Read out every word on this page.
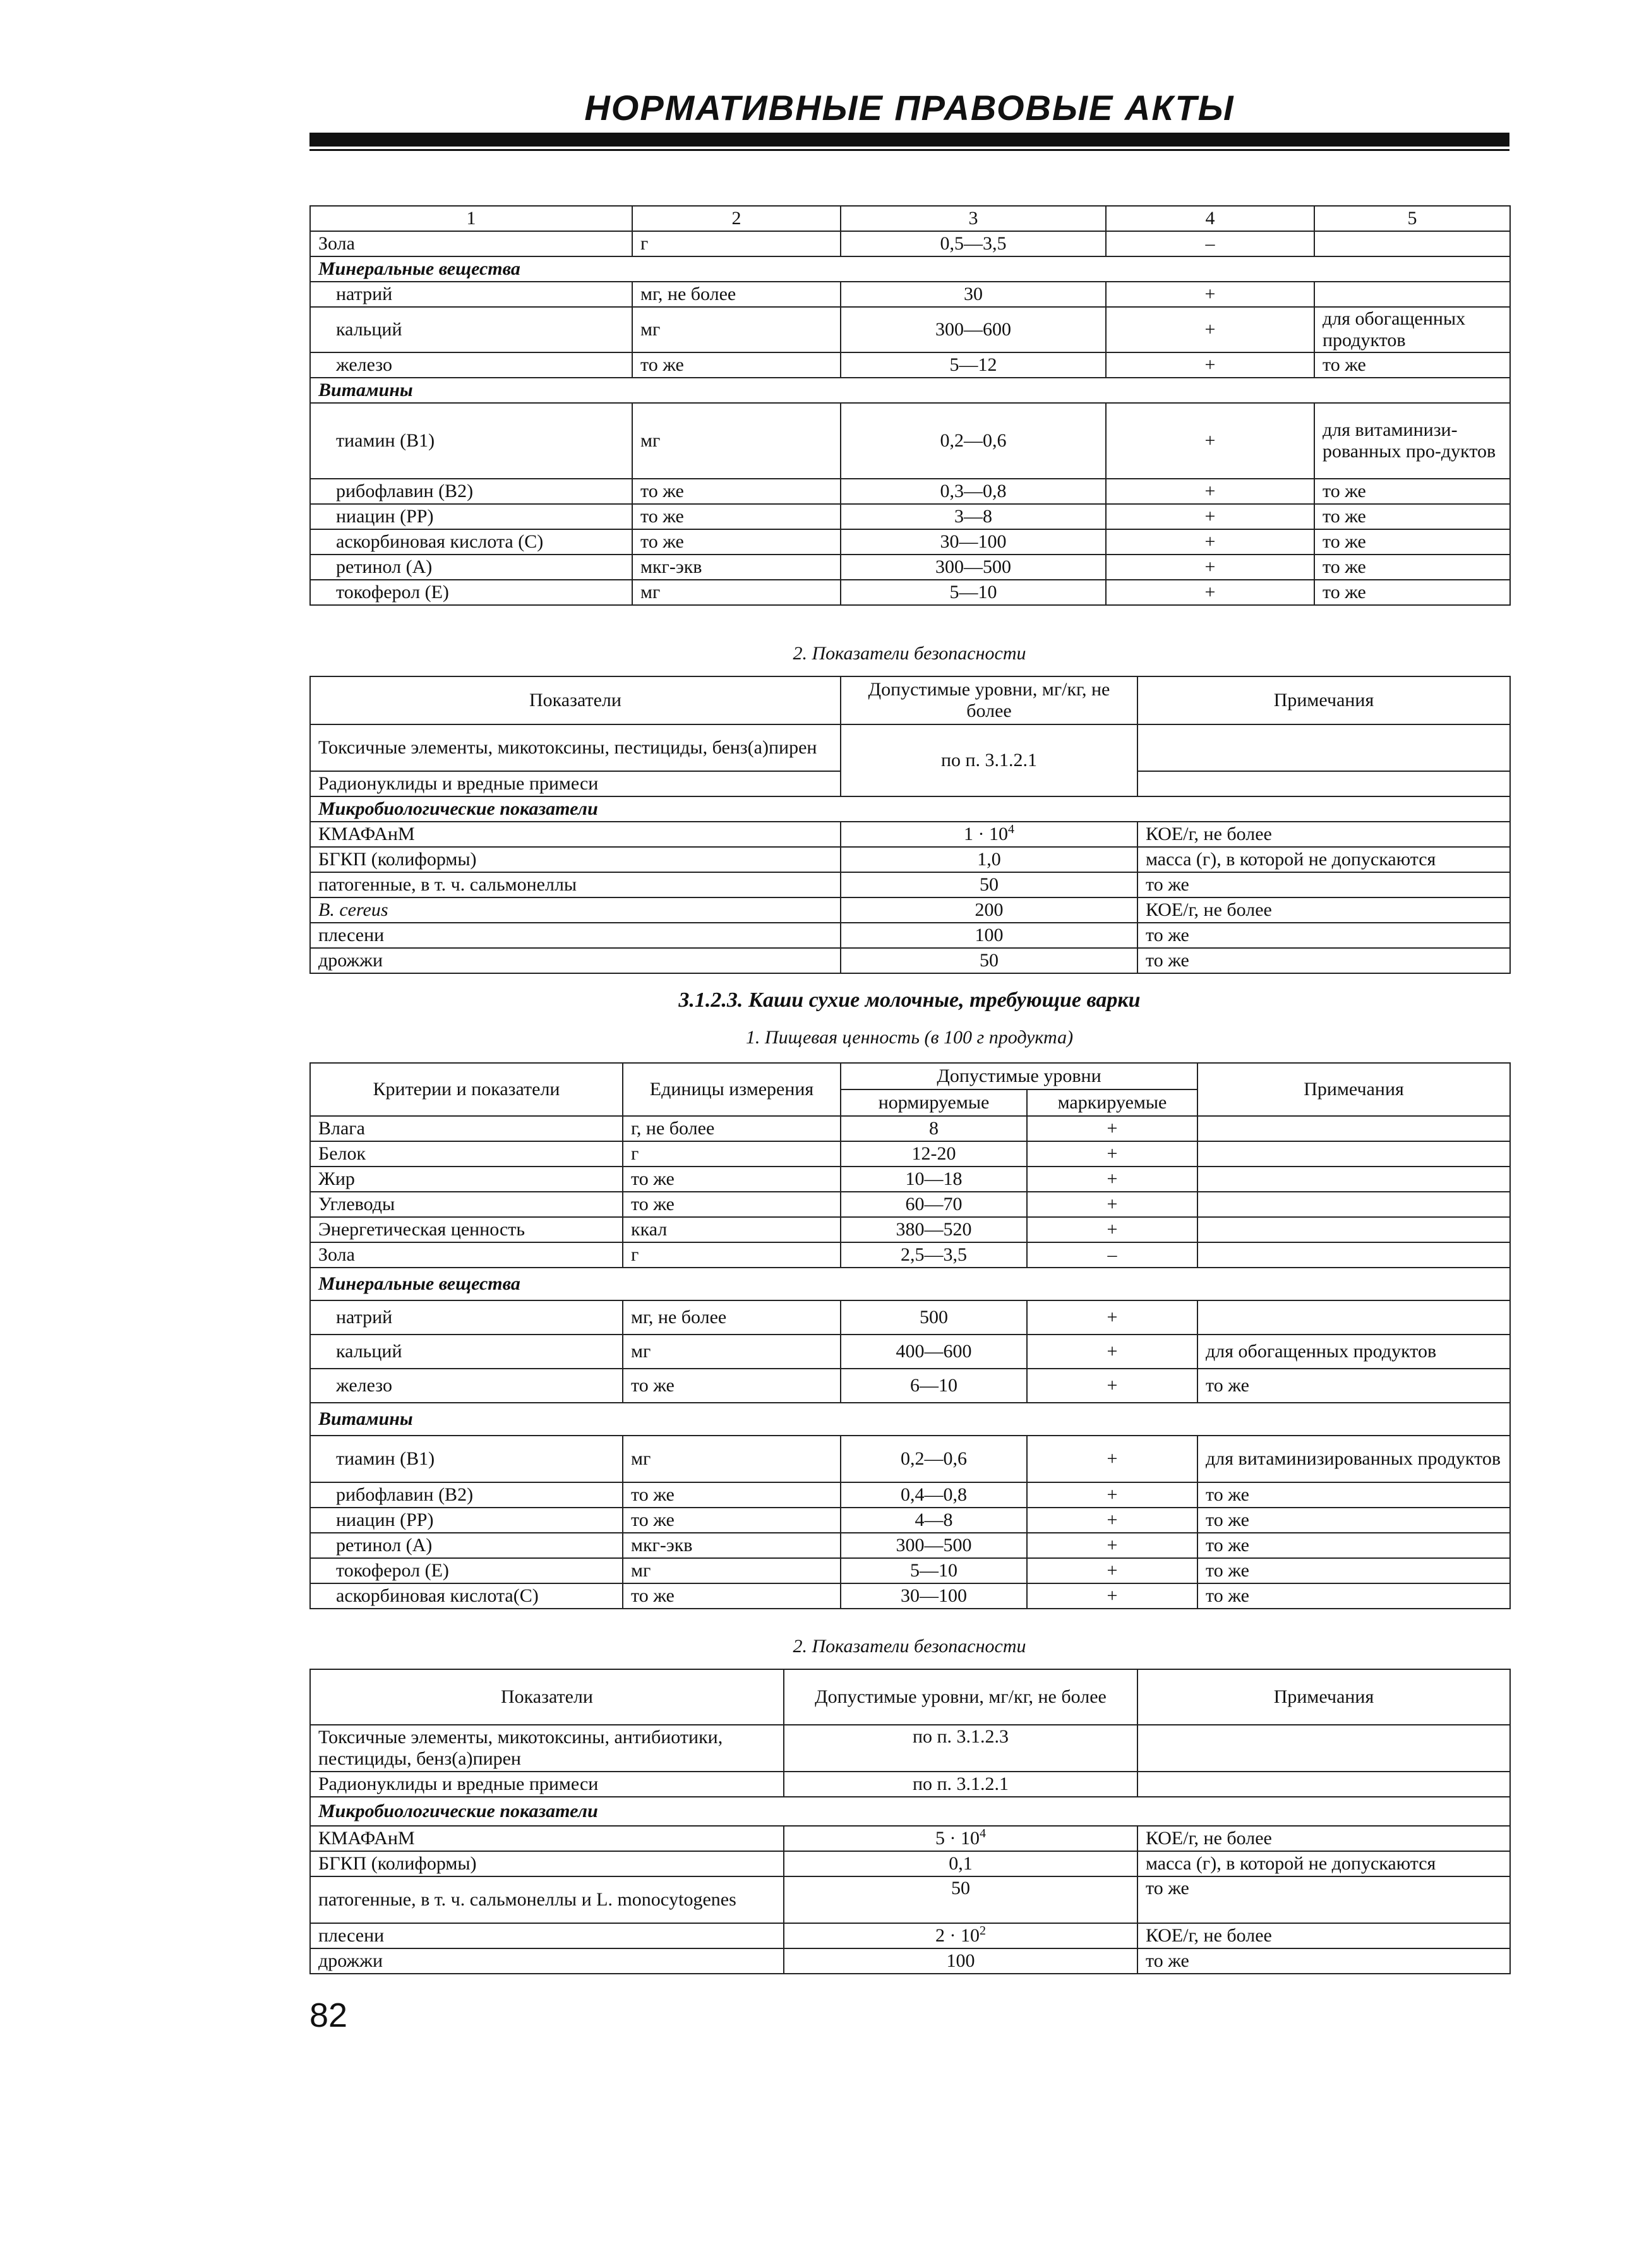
НОРМАТИВНЫЕ ПРАВОВЫЕ АКТЫ
1	2	3	4	5
Зола	г	0,5—3,5	–	
Минеральные вещества				
натрий	мг, не более	30	+	
кальций	мг	300—600	+	для обогащенных продуктов
железо	то же	5—12	+	то же
Витамины				
тиамин (B1)	мг	0,2—0,6	+	для витаминизи-рованных про-дуктов
рибофлавин (B2)	то же	0,3—0,8	+	то же
ниацин (PP)	то же	3—8	+	то же
аскорбиновая кислота (C)	то же	30—100	+	то же
ретинол (A)	мкг-экв	300—500	+	то же
токоферол (E)	мг	5—10	+	то же
2. Показатели безопасности
Показатели	Допустимые уровни, мг/кг, не более	Примечания
Токсичные элементы, микотоксины, пестициды, бенз(а)пирен	по п. 3.1.2.1	
Радионуклиды и вредные примеси		
Микробиологические показатели		
КМАФАнМ	$1 \cdot 10^4$	КОЕ/г, не более
БГКП (колиформы)	1,0	масса (г), в которой не допускаются
патогенные, в т. ч. сальмонеллы	50	то же
B. cereus	200	КОЕ/г, не более
плесени	100	то же
дрожжи	50	то же
3.1.2.3. Каши сухие молочные, требующие варки
1. Пищевая ценность (в 100 г продукта)
Критерии и показатели	Единицы измерения	Допустимые уровни		Примечания
		нормируемые	маркируемые	
Влага	г, не более	8	+	
Белок	г	12-20	+	
Жир	то же	10—18	+	
Углеводы	то же	60—70	+	
Энергетическая ценность	ккал	380—520	+	
Зола	г	2,5—3,5	–	
Минеральные вещества				
натрий	мг, не более	500	+	
кальций	мг	400—600	+	для обогащенных продуктов
железо	то же	6—10	+	то же
Витамины				
тиамин (B1)	мг	0,2—0,6	+	для витаминизированных продуктов
рибофлавин (B2)	то же	0,4—0,8	+	то же
ниацин (PP)	то же	4—8	+	то же
ретинол (A)	мкг-экв	300—500	+	то же
токоферол (E)	мг	5—10	+	то же
аскорбиновая кислота(C)	то же	30—100	+	то же
2. Показатели безопасности
Показатели	Допустимые уровни, мг/кг, не более	Примечания
Токсичные элементы, микотоксины, антибиотики, пестициды, бенз(а)пирен	по п. 3.1.2.3	
Радионуклиды и вредные примеси	по п. 3.1.2.1	
Микробиологические показатели		
КМАФАнМ	$5 \cdot 10^4$	КОЕ/г, не более
БГКП (колиформы)	0,1	масса (г), в которой не допускаются
патогенные, в т. ч. сальмонеллы и L. monocytogenes	50	то же
плесени	$2 \cdot 10^2$	КОЕ/г, не более
дрожжи	100	то же
82
